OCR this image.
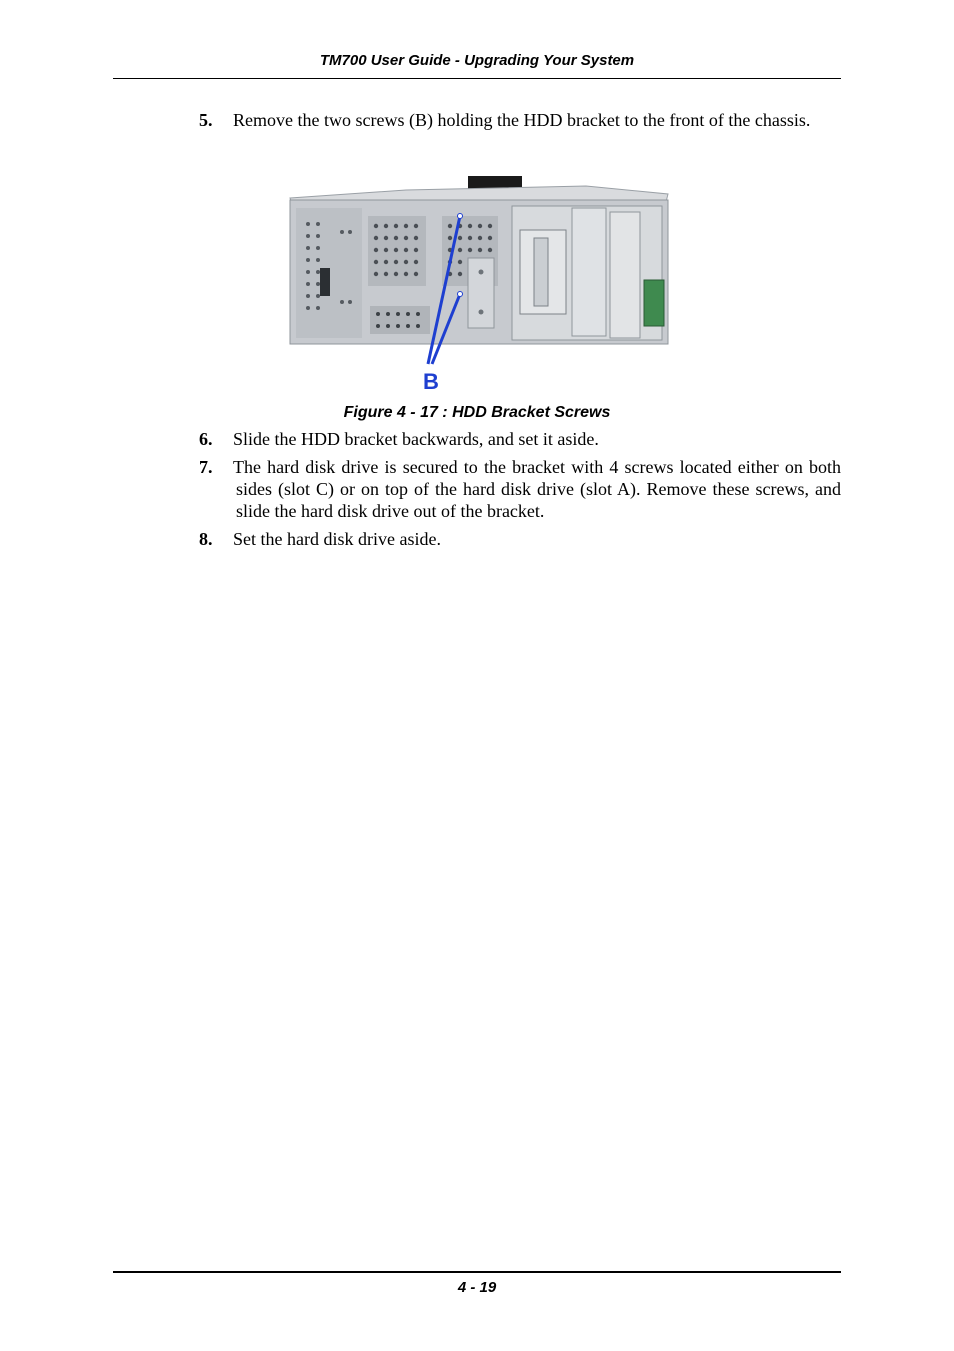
TM700 User Guide - Upgrading Your System
5. Remove the two screws (B) holding the HDD bracket to the front of the chassis.
B
Figure 4 - 17 : HDD Bracket Screws
6. Slide the HDD bracket backwards, and set it aside.
7. The hard disk drive is secured to the bracket with 4 screws located either on both sides (slot C) or on top of the hard disk drive (slot A). Remove these screws, and slide the hard disk drive out of the bracket.
8. Set the hard disk drive aside.
4 - 19
